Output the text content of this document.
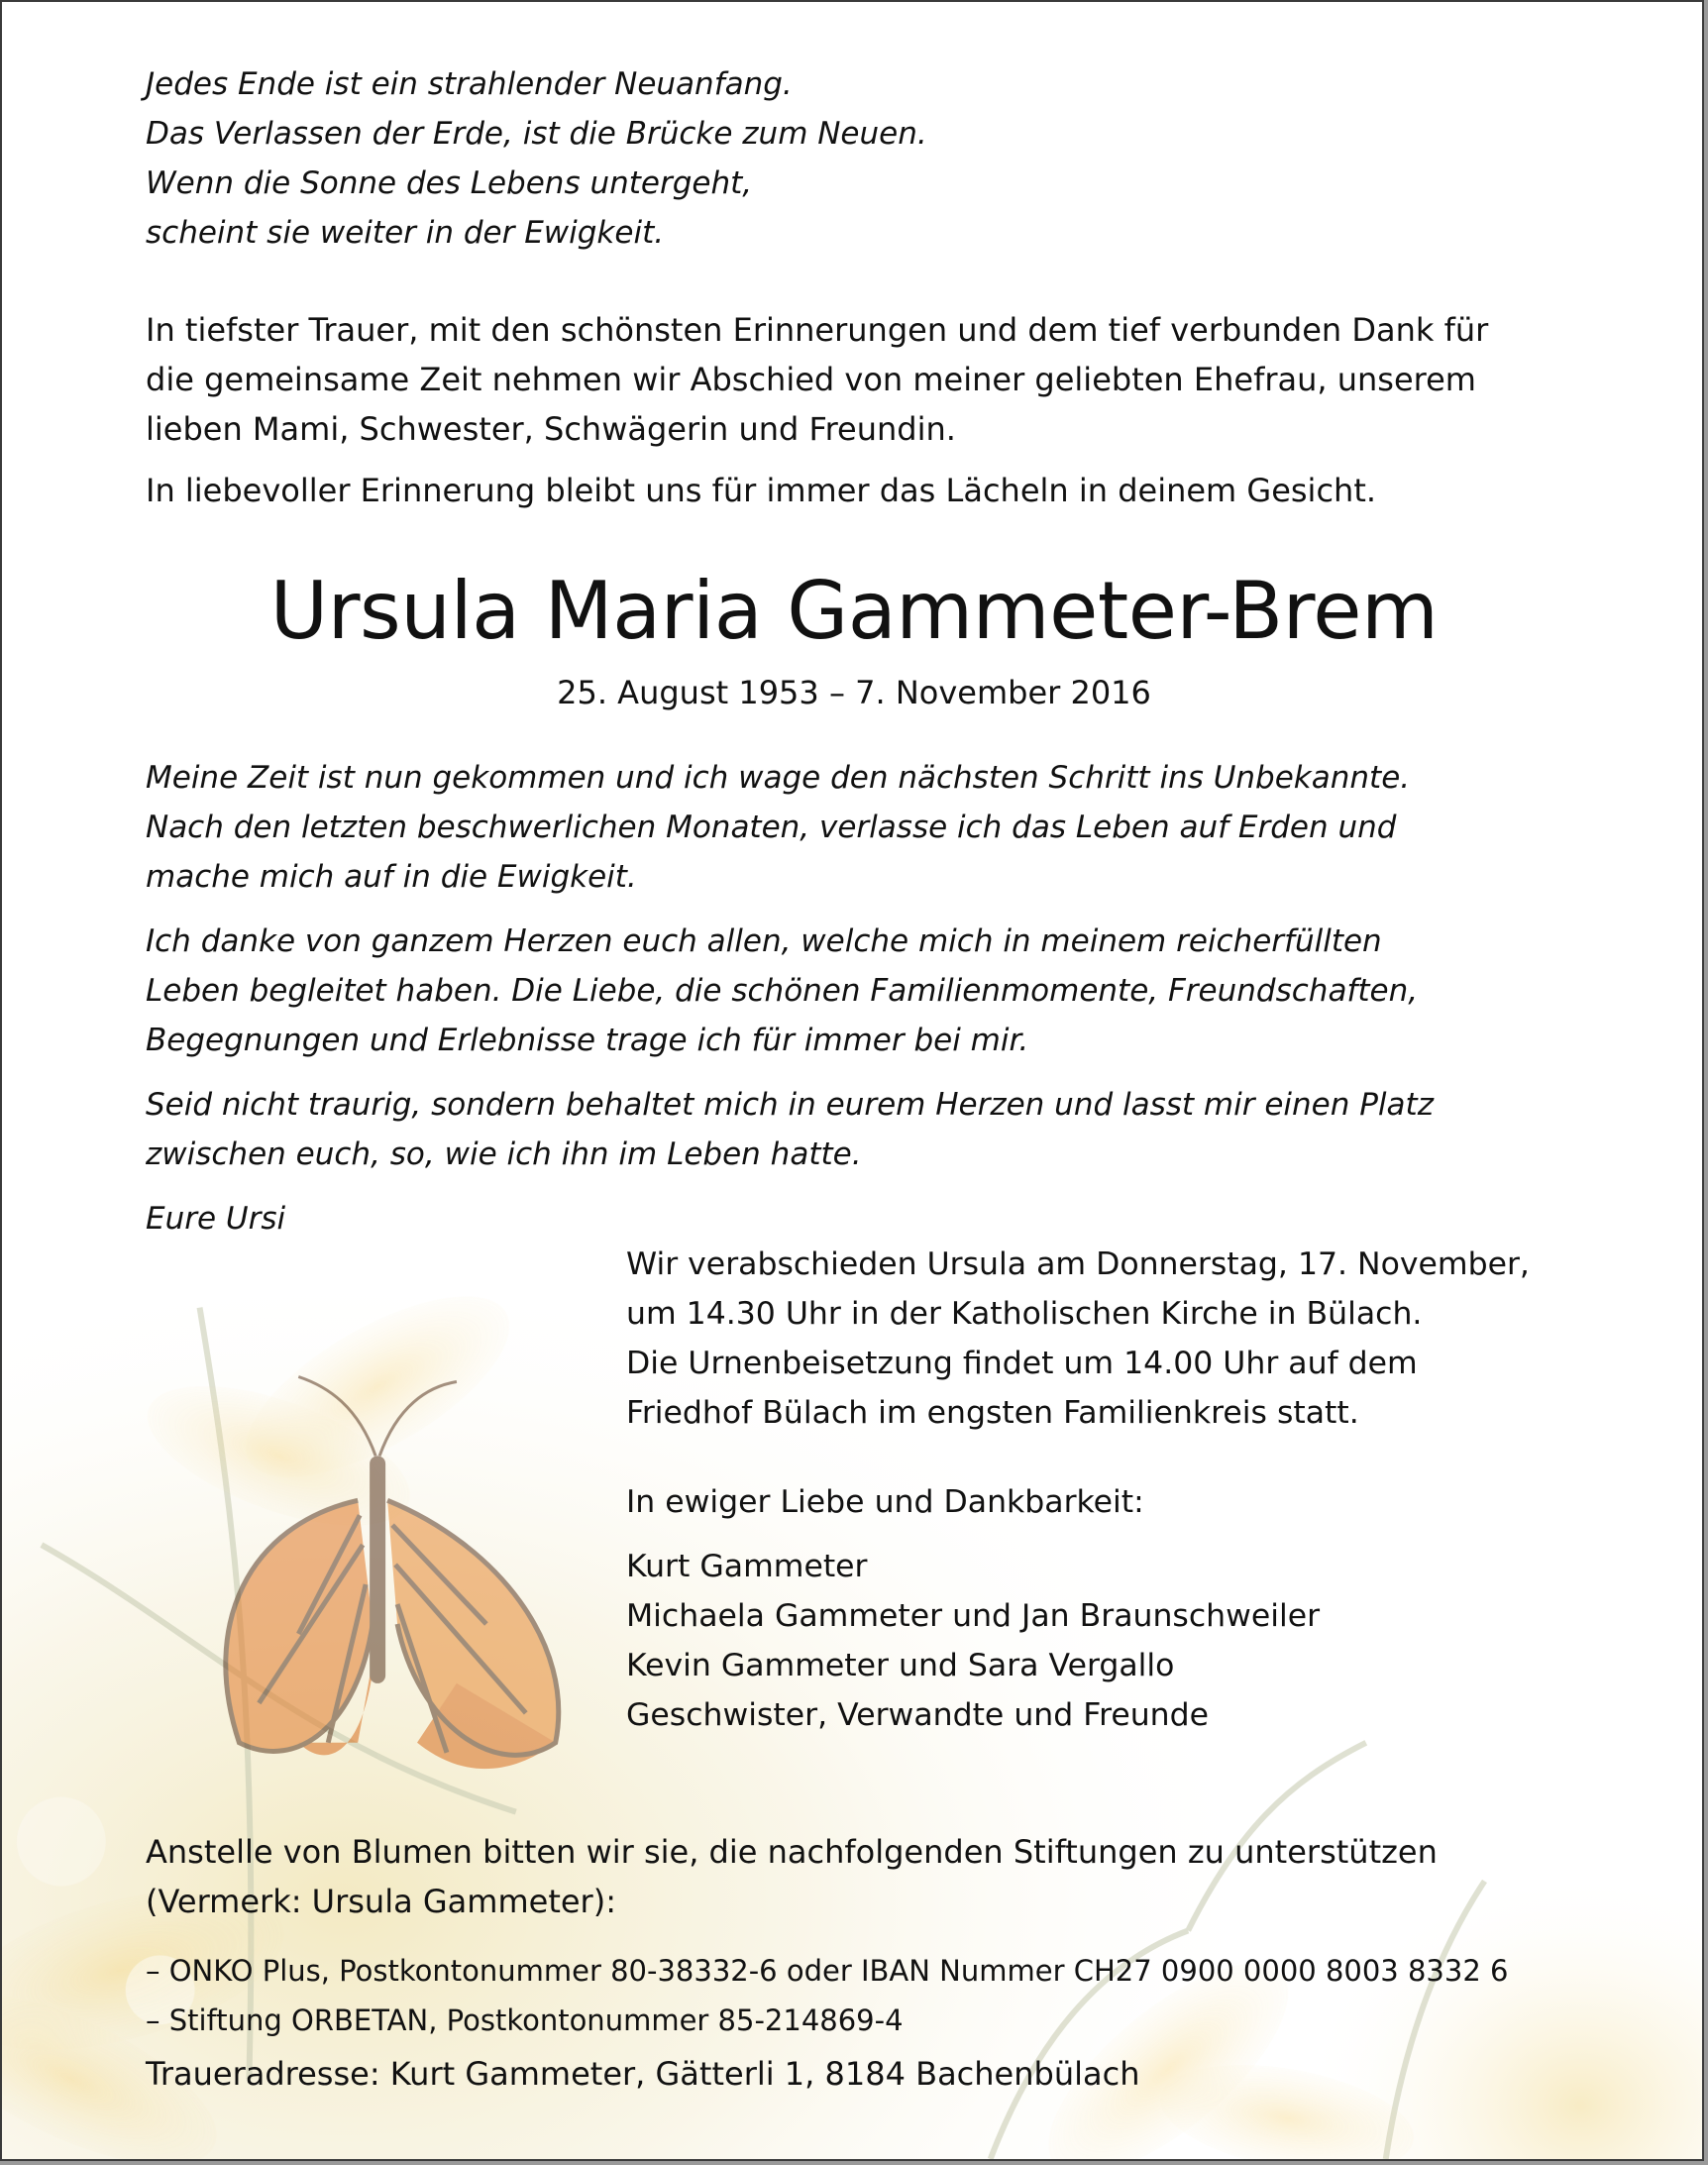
Jedes Ende ist ein strahlender Neuanfang.
Das Verlassen der Erde, ist die Brücke zum Neuen.
Wenn die Sonne des Lebens untergeht,
scheint sie weiter in der Ewigkeit.
In tiefster Trauer, mit den schönsten Erinnerungen und dem tief verbunden Dank für
die gemeinsame Zeit nehmen wir Abschied von meiner geliebten Ehefrau, unserem
lieben Mami, Schwester, Schwägerin und Freundin.
In liebevoller Erinnerung bleibt uns für immer das Lächeln in deinem Gesicht.
Ursula Maria Gammeter-Brem
25. August 1953 – 7. November 2016
Meine Zeit ist nun gekommen und ich wage den nächsten Schritt ins Unbekannte.
Nach den letzten beschwerlichen Monaten, verlasse ich das Leben auf Erden und
mache mich auf in die Ewigkeit.
Ich danke von ganzem Herzen euch allen, welche mich in meinem reicherfüllten
Leben begleitet haben. Die Liebe, die schönen Familienmomente, Freundschaften,
Begegnungen und Erlebnisse trage ich für immer bei mir.
Seid nicht traurig, sondern behaltet mich in eurem Herzen und lasst mir einen Platz
zwischen euch, so, wie ich ihn im Leben hatte.
Eure Ursi
Wir verabschieden Ursula am Donnerstag, 17. November,
um 14.30 Uhr in der Katholischen Kirche in Bülach.
Die Urnenbeisetzung findet um 14.00 Uhr auf dem
Friedhof Bülach im engsten Familienkreis statt.
In ewiger Liebe und Dankbarkeit:
Kurt Gammeter
Michaela Gammeter und Jan Braunschweiler
Kevin Gammeter und Sara Vergallo
Geschwister, Verwandte und Freunde
Anstelle von Blumen bitten wir sie, die nachfolgenden Stiftungen zu unterstützen
(Vermerk: Ursula Gammeter):
– ONKO Plus, Postkontonummer 80-38332-6 oder IBAN Nummer CH27 0900 0000 8003 8332 6
– Stiftung ORBETAN, Postkontonummer 85-214869-4
Traueradresse: Kurt Gammeter, Gätterli 1, 8184 Bachenbülach
